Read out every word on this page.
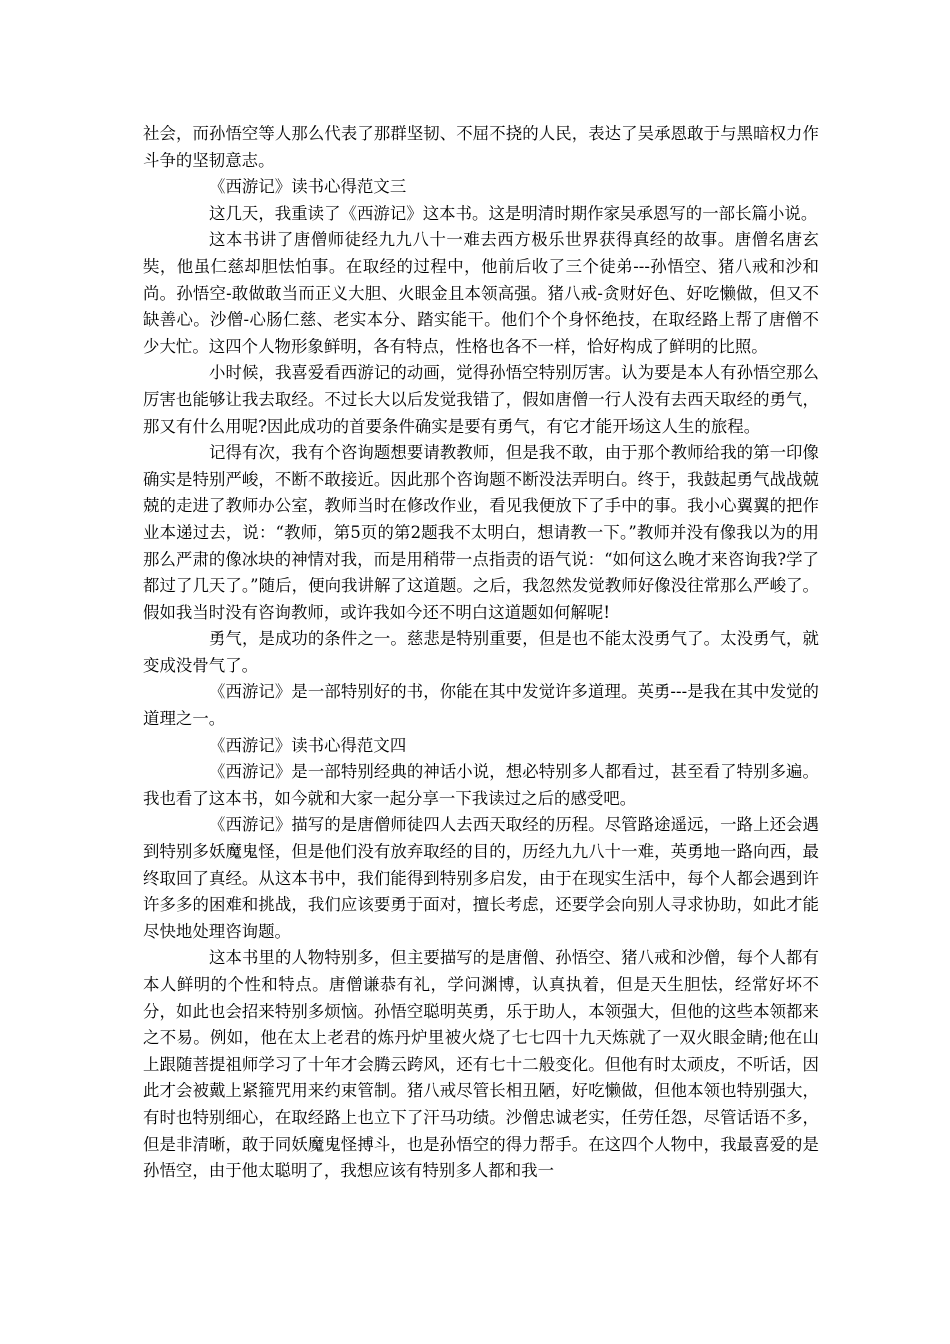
社会，而孙悟空等人那么代表了那群坚韧、不屈不挠的人民，表达了吴承恩敢于与黑暗权力作斗争的坚韧意志。

《西游记》读书心得范文三

这几天，我重读了《西游记》这本书。这是明清时期作家吴承恩写的一部长篇小说。

这本书讲了唐僧师徒经九九八十一难去西方极乐世界获得真经的故事。唐僧名唐玄奘，他虽仁慈却胆怯怕事。在取经的过程中，他前后收了三个徒弟---孙悟空、猪八戒和沙和尚。孙悟空-敢做敢当而正义大胆、火眼金且本领高强。猪八戒-贪财好色、好吃懒做，但又不缺善心。沙僧-心肠仁慈、老实本分、踏实能干。他们个个身怀绝技，在取经路上帮了唐僧不少大忙。这四个人物形象鲜明，各有特点，性格也各不一样，恰好构成了鲜明的比照。

小时候，我喜爱看西游记的动画，觉得孙悟空特别厉害。认为要是本人有孙悟空那么厉害也能够让我去取经。不过长大以后发觉我错了，假如唐僧一行人没有去西天取经的勇气，那又有什么用呢?因此成功的首要条件确实是要有勇气，有它才能开场这人生的旅程。

记得有次，我有个咨询题想要请教教师，但是我不敢，由于那个教师给我的第一印像确实是特别严峻，不断不敢接近。因此那个咨询题不断没法弄明白。终于，我鼓起勇气战战兢兢的走进了教师办公室，教师当时在修改作业，看见我便放下了手中的事。我小心翼翼的把作业本递过去，说：“教师，第5页的第2题我不太明白，想请教一下。”教师并没有像我以为的用那么严肃的像冰块的神情对我，而是用稍带一点指责的语气说：“如何这么晚才来咨询我?学了都过了几天了。”随后，便向我讲解了这道题。之后，我忽然发觉教师好像没往常那么严峻了。假如我当时没有咨询教师，或许我如今还不明白这道题如何解呢!

勇气，是成功的条件之一。慈悲是特别重要，但是也不能太没勇气了。太没勇气，就变成没骨气了。

《西游记》是一部特别好的书，你能在其中发觉许多道理。英勇---是我在其中发觉的道理之一。

《西游记》读书心得范文四

《西游记》是一部特别经典的神话小说，想必特别多人都看过，甚至看了特别多遍。我也看了这本书，如今就和大家一起分享一下我读过之后的感受吧。

《西游记》描写的是唐僧师徒四人去西天取经的历程。尽管路途遥远，一路上还会遇到特别多妖魔鬼怪，但是他们没有放弃取经的目的，历经九九八十一难，英勇地一路向西，最终取回了真经。从这本书中，我们能得到特别多启发，由于在现实生活中，每个人都会遇到许许多多的困难和挑战，我们应该要勇于面对，擅长考虑，还要学会向别人寻求协助，如此才能尽快地处理咨询题。

这本书里的人物特别多，但主要描写的是唐僧、孙悟空、猪八戒和沙僧，每个人都有本人鲜明的个性和特点。唐僧谦恭有礼，学问渊博，认真执着，但是天生胆怯，经常好坏不分，如此也会招来特别多烦恼。孙悟空聪明英勇，乐于助人，本领强大，但他的这些本领都来之不易。例如，他在太上老君的炼丹炉里被火烧了七七四十九天炼就了一双火眼金睛;他在山上跟随菩提祖师学习了十年才会腾云跨风，还有七十二般变化。但他有时太顽皮，不听话，因此才会被戴上紧箍咒用来约束管制。猪八戒尽管长相丑陋，好吃懒做，但他本领也特别强大，有时也特别细心，在取经路上也立下了汗马功绩。沙僧忠诚老实，任劳任怨，尽管话语不多，但是非清晰，敢于同妖魔鬼怪搏斗，也是孙悟空的得力帮手。在这四个人物中，我最喜爱的是孙悟空，由于他太聪明了，我想应该有特别多人都和我一
